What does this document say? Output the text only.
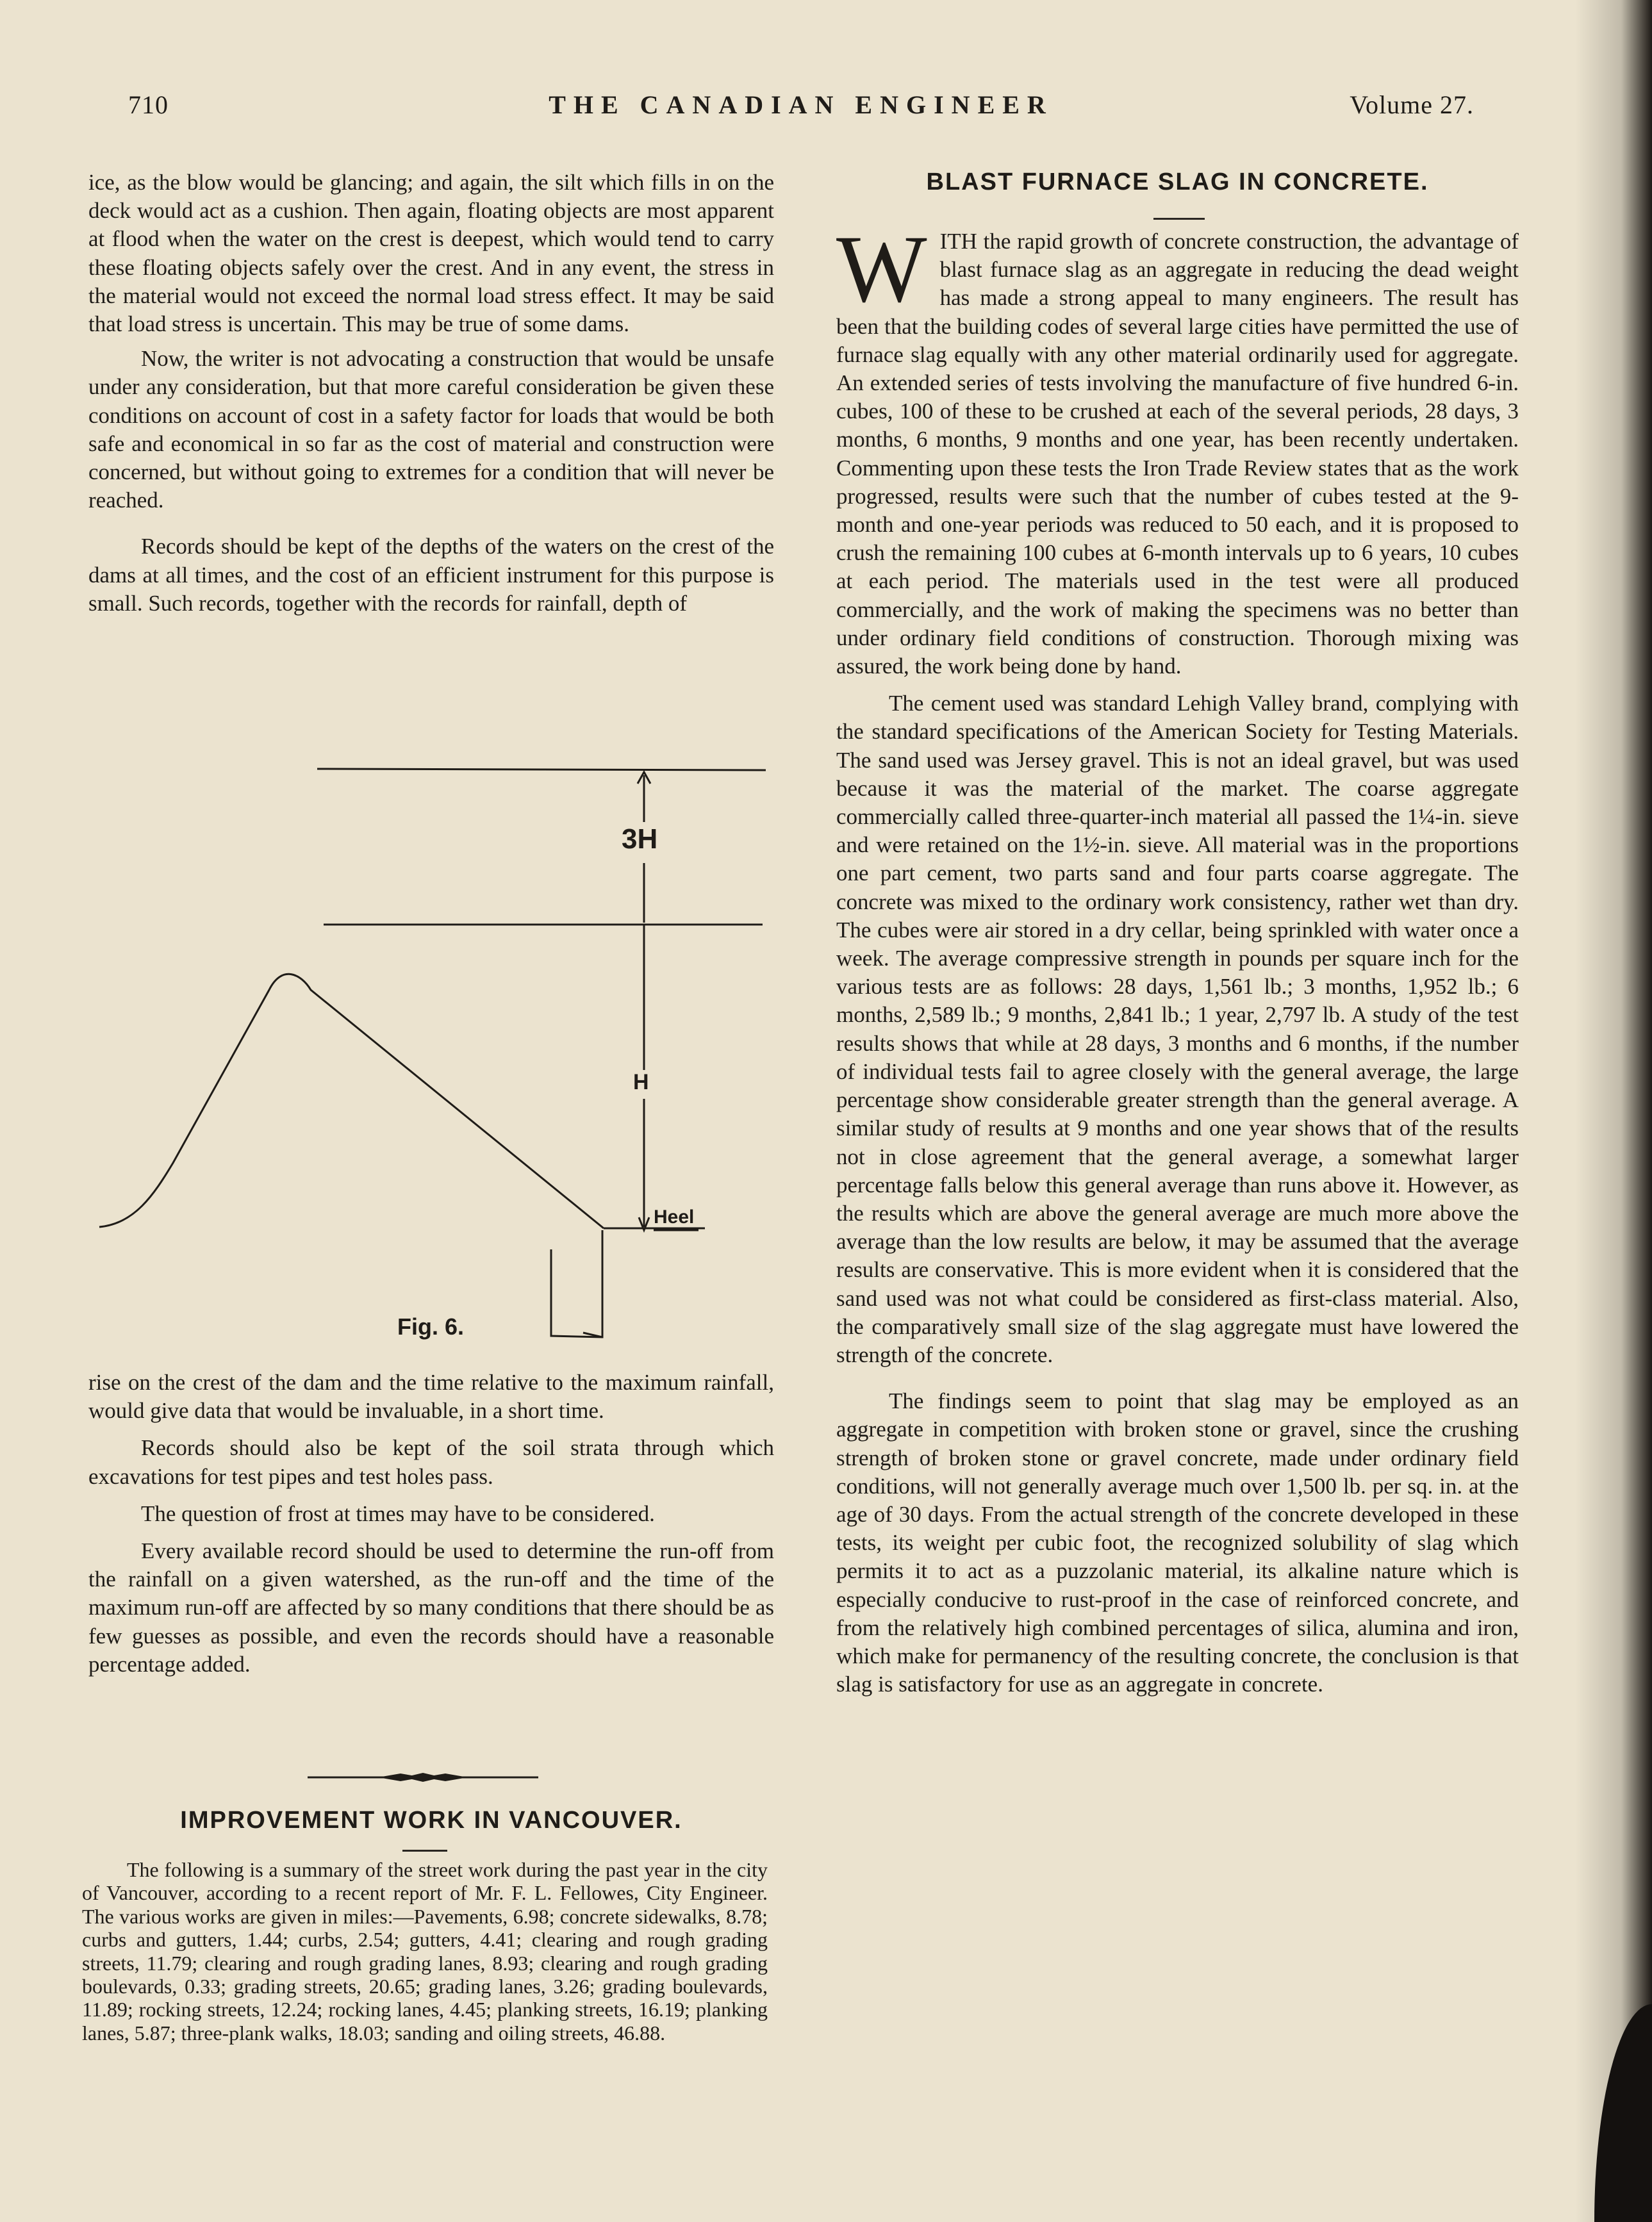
710	THE CANADIAN ENGINEER	Volume 27.

ice, as the blow would be glancing; and again, the silt which fills in on the deck would act as a cushion. Then again, floating objects are most apparent at flood when the water on the crest is deepest, which would tend to carry these floating objects safely over the crest. And in any event, the stress in the material would not exceed the normal load stress effect. It may be said that load stress is uncertain. This may be true of some dams.

Now, the writer is not advocating a construction that would be unsafe under any consideration, but that more careful consideration be given these conditions on account of cost in a safety factor for loads that would be both safe and economical in so far as the cost of material and construction were concerned, but without going to extremes for a condition that will never be reached.

Records should be kept of the depths of the waters on the crest of the dams at all times, and the cost of an efficient instrument for this purpose is small. Such records, together with the records for rainfall, depth of

3H
H
Heel
Fig. 6.

rise on the crest of the dam and the time relative to the maximum rainfall, would give data that would be invaluable, in a short time.

Records should also be kept of the soil strata through which excavations for test pipes and test holes pass.

The question of frost at times may have to be considered.

Every available record should be used to determine the run-off from the rainfall on a given watershed, as the run-off and the time of the maximum run-off are affected by so many conditions that there should be as few guesses as possible, and even the records should have a reasonable percentage added.

IMPROVEMENT WORK IN VANCOUVER.

The following is a summary of the street work during the past year in the city of Vancouver, according to a recent report of Mr. F. L. Fellowes, City Engineer. The various works are given in miles:—Pavements, 6.98; concrete sidewalks, 8.78; curbs and gutters, 1.44; curbs, 2.54; gutters, 4.41; clearing and rough grading streets, 11.79; clearing and rough grading lanes, 8.93; clearing and rough grading boulevards, 0.33; grading streets, 20.65; grading lanes, 3.26; grading boulevards, 11.89; rocking streets, 12.24; rocking lanes, 4.45; planking streets, 16.19; planking lanes, 5.87; three-plank walks, 18.03; sanding and oiling streets, 46.88.

BLAST FURNACE SLAG IN CONCRETE.

WITH the rapid growth of concrete construction, the advantage of blast furnace slag as an aggregate in reducing the dead weight has made a strong appeal to many engineers. The result has been that the building codes of several large cities have permitted the use of furnace slag equally with any other material ordinarily used for aggregate. An extended series of tests involving the manufacture of five hundred 6-in. cubes, 100 of these to be crushed at each of the several periods, 28 days, 3 months, 6 months, 9 months and one year, has been recently undertaken. Commenting upon these tests the Iron Trade Review states that as the work progressed, results were such that the number of cubes tested at the 9-month and one-year periods was reduced to 50 each, and it is proposed to crush the remaining 100 cubes at 6-month intervals up to 6 years, 10 cubes at each period. The materials used in the test were all produced commercially, and the work of making the specimens was no better than under ordinary field conditions of construction. Thorough mixing was assured, the work being done by hand.

The cement used was standard Lehigh Valley brand, complying with the standard specifications of the American Society for Testing Materials. The sand used was Jersey gravel. This is not an ideal gravel, but was used because it was the material of the market. The coarse aggregate commercially called three-quarter-inch material all passed the 1¼-in. sieve and were retained on the 1½-in. sieve. All material was in the proportions one part cement, two parts sand and four parts coarse aggregate. The concrete was mixed to the ordinary work consistency, rather wet than dry. The cubes were air stored in a dry cellar, being sprinkled with water once a week. The average compressive strength in pounds per square inch for the various tests are as follows: 28 days, 1,561 lb.; 3 months, 1,952 lb.; 6 months, 2,589 lb.; 9 months, 2,841 lb.; 1 year, 2,797 lb. A study of the test results shows that while at 28 days, 3 months and 6 months, if the number of individual tests fail to agree closely with the general average, the large percentage show considerable greater strength than the general average. A similar study of results at 9 months and one year shows that of the results not in close agreement that the general average, a somewhat larger percentage falls below this general average than runs above it. However, as the results which are above the general average are much more above the average than the low results are below, it may be assumed that the average results are conservative. This is more evident when it is considered that the sand used was not what could be considered as first-class material. Also, the comparatively small size of the slag aggregate must have lowered the strength of the concrete.

The findings seem to point that slag may be employed as an aggregate in competition with broken stone or gravel, since the crushing strength of broken stone or gravel concrete, made under ordinary field conditions, will not generally average much over 1,500 lb. per sq. in. at the age of 30 days. From the actual strength of the concrete developed in these tests, its weight per cubic foot, the recognized solubility of slag which permits it to act as a puzzolanic material, its alkaline nature which is especially conducive to rust-proof in the case of reinforced concrete, and from the relatively high combined percentages of silica, alumina and iron, which make for permanency of the resulting concrete, the conclusion is that slag is satisfactory for use as an aggregate in concrete.
